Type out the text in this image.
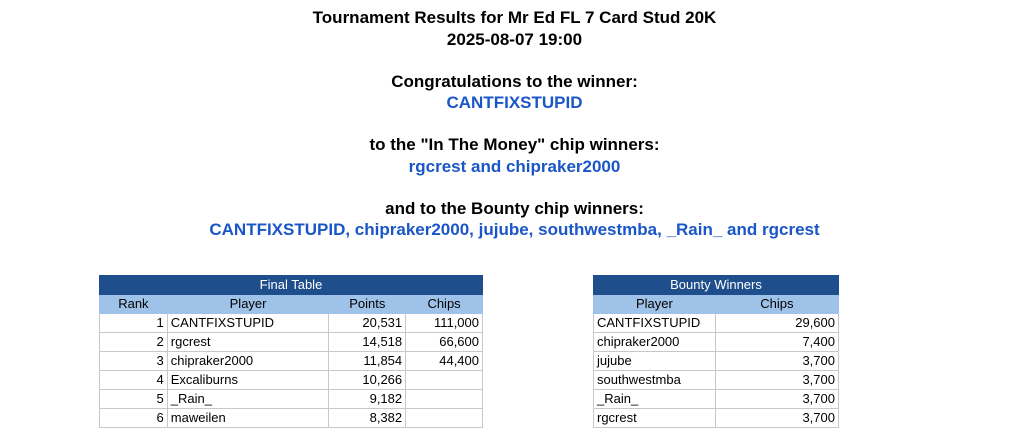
Tournament Results for Mr Ed FL 7 Card Stud 20K
2025-08-07 19:00
Congratulations to the winner:
CANTFIXSTUPID
to the "In The Money" chip winners:
rgcrest and chipraker2000
and to the Bounty chip winners:
CANTFIXSTUPID, chipraker2000, jujube, southwestmba, _Rain_ and rgcrest
Final Table			
Rank	Player	Points	Chips
1	CANTFIXSTUPID	20,531	111,000
2	rgcrest	14,518	66,600
3	chipraker2000	11,854	44,400
4	Excaliburns	10,266	
5	_Rain_	9,182	
6	maweilen	8,382	
Bounty Winners	
Player	Chips
CANTFIXSTUPID	29,600
chipraker2000	7,400
jujube	3,700
southwestmba	3,700
_Rain_	3,700
rgcrest	3,700
